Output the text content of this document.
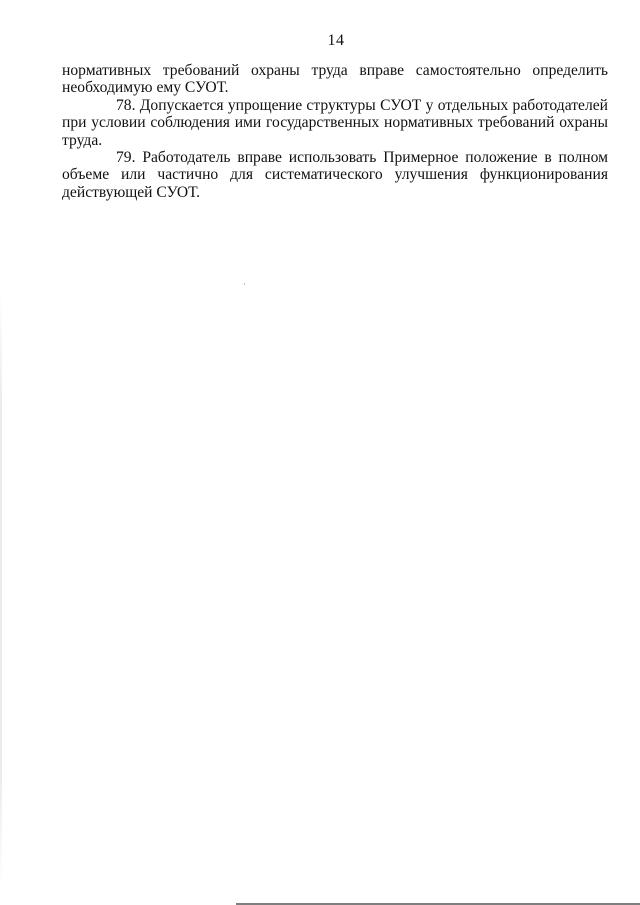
14

нормативных требований охраны труда вправе самостоятельно определить необходимую ему СУОТ.

78. Допускается упрощение структуры СУОТ у отдельных работодателей при условии соблюдения ими государственных нормативных требований охраны труда.

79. Работодатель вправе использовать Примерное положение в полном объеме или частично для систематического улучшения функционирования действующей СУОТ.
